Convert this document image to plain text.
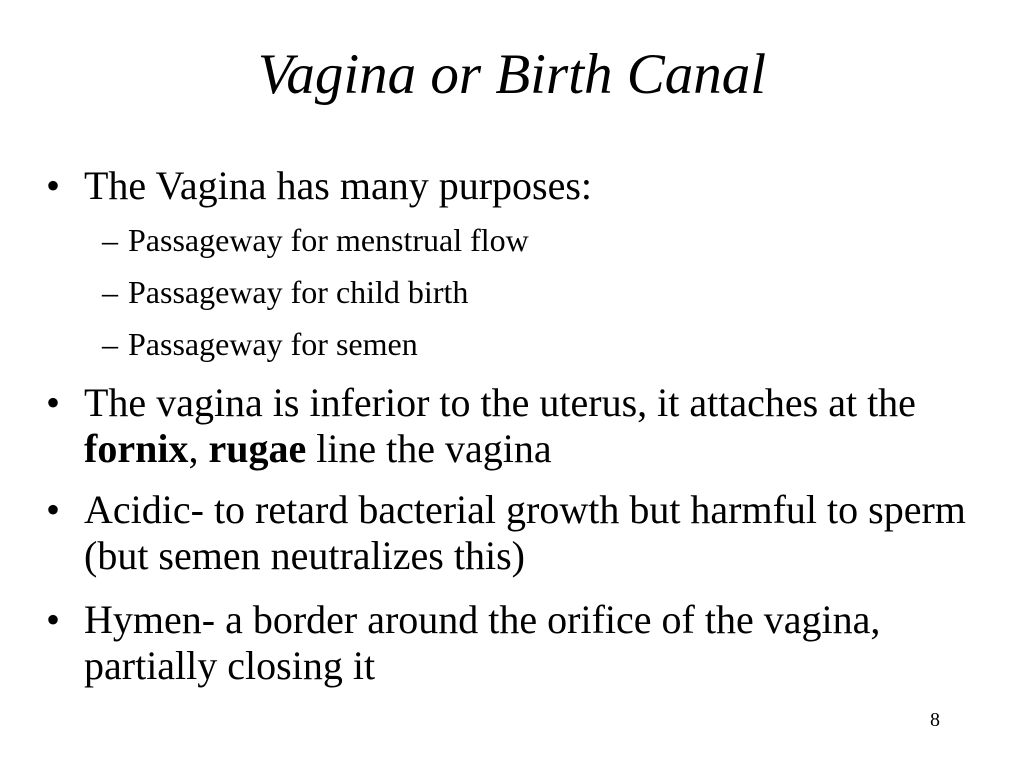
Vagina or Birth Canal
• The Vagina has many purposes:
– Passageway for menstrual flow
– Passageway for child birth
– Passageway for semen
• The vagina is inferior to the uterus, it attaches at the fornix, rugae line the vagina
• Acidic- to retard bacterial growth but harmful to sperm (but semen neutralizes this)
• Hymen- a border around the orifice of the vagina, partially closing it
8
